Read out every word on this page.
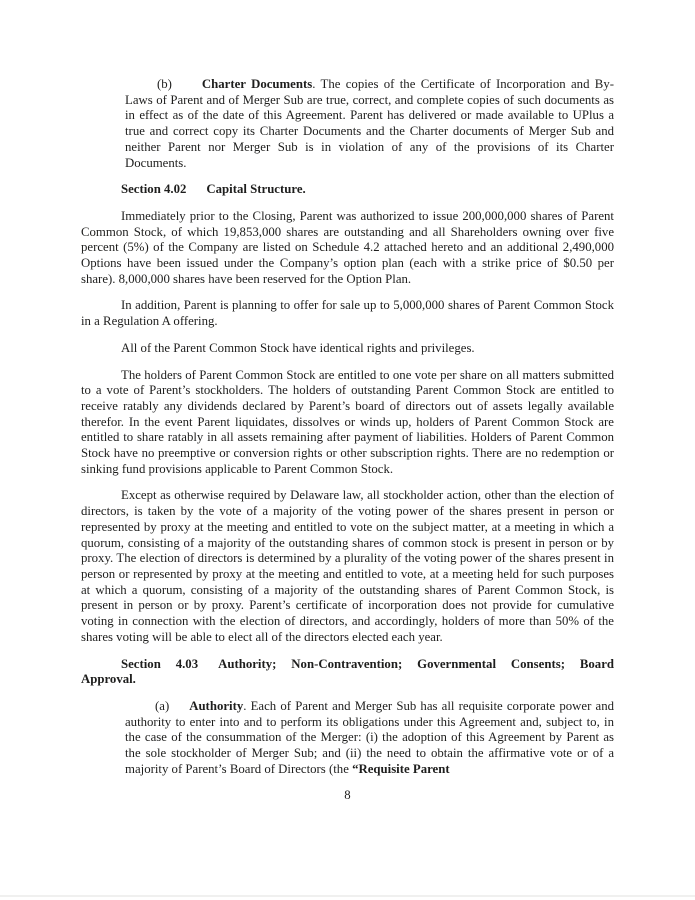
(b) Charter Documents. The copies of the Certificate of Incorporation and By-Laws of Parent and of Merger Sub are true, correct, and complete copies of such documents as in effect as of the date of this Agreement. Parent has delivered or made available to UPlus a true and correct copy its Charter Documents and the Charter documents of Merger Sub and neither Parent nor Merger Sub is in violation of any of the provisions of its Charter Documents.
Section 4.02 Capital Structure.

Immediately prior to the Closing, Parent was authorized to issue 200,000,000 shares of Parent Common Stock, of which 19,853,000 shares are outstanding and all Shareholders owning over five percent (5%) of the Company are listed on Schedule 4.2 attached hereto and an additional 2,490,000 Options have been issued under the Company’s option plan (each with a strike price of $0.50 per share). 8,000,000 shares have been reserved for the Option Plan.

In addition, Parent is planning to offer for sale up to 5,000,000 shares of Parent Common Stock in a Regulation A offering.

All of the Parent Common Stock have identical rights and privileges.

The holders of Parent Common Stock are entitled to one vote per share on all matters submitted to a vote of Parent’s stockholders. The holders of outstanding Parent Common Stock are entitled to receive ratably any dividends declared by Parent’s board of directors out of assets legally available therefor. In the event Parent liquidates, dissolves or winds up, holders of Parent Common Stock are entitled to share ratably in all assets remaining after payment of liabilities. Holders of Parent Common Stock have no preemptive or conversion rights or other subscription rights. There are no redemption or sinking fund provisions applicable to Parent Common Stock.

Except as otherwise required by Delaware law, all stockholder action, other than the election of directors, is taken by the vote of a majority of the voting power of the shares present in person or represented by proxy at the meeting and entitled to vote on the subject matter, at a meeting in which a quorum, consisting of a majority of the outstanding shares of common stock is present in person or by proxy. The election of directors is determined by a plurality of the voting power of the shares present in person or represented by proxy at the meeting and entitled to vote, at a meeting held for such purposes at which a quorum, consisting of a majority of the outstanding shares of Parent Common Stock, is present in person or by proxy. Parent’s certificate of incorporation does not provide for cumulative voting in connection with the election of directors, and accordingly, holders of more than 50% of the shares voting will be able to elect all of the directors elected each year.

Section 4.03 Authority; Non-Contravention; Governmental Consents; Board
Approval.
(a) Authority. Each of Parent and Merger Sub has all requisite corporate power and authority to enter into and to perform its obligations under this Agreement and, subject to, in the case of the consummation of the Merger: (i) the adoption of this Agreement by Parent as the sole stockholder of Merger Sub; and (ii) the need to obtain the affirmative vote or of a majority of Parent’s Board of Directors (the “Requisite Parent
8
